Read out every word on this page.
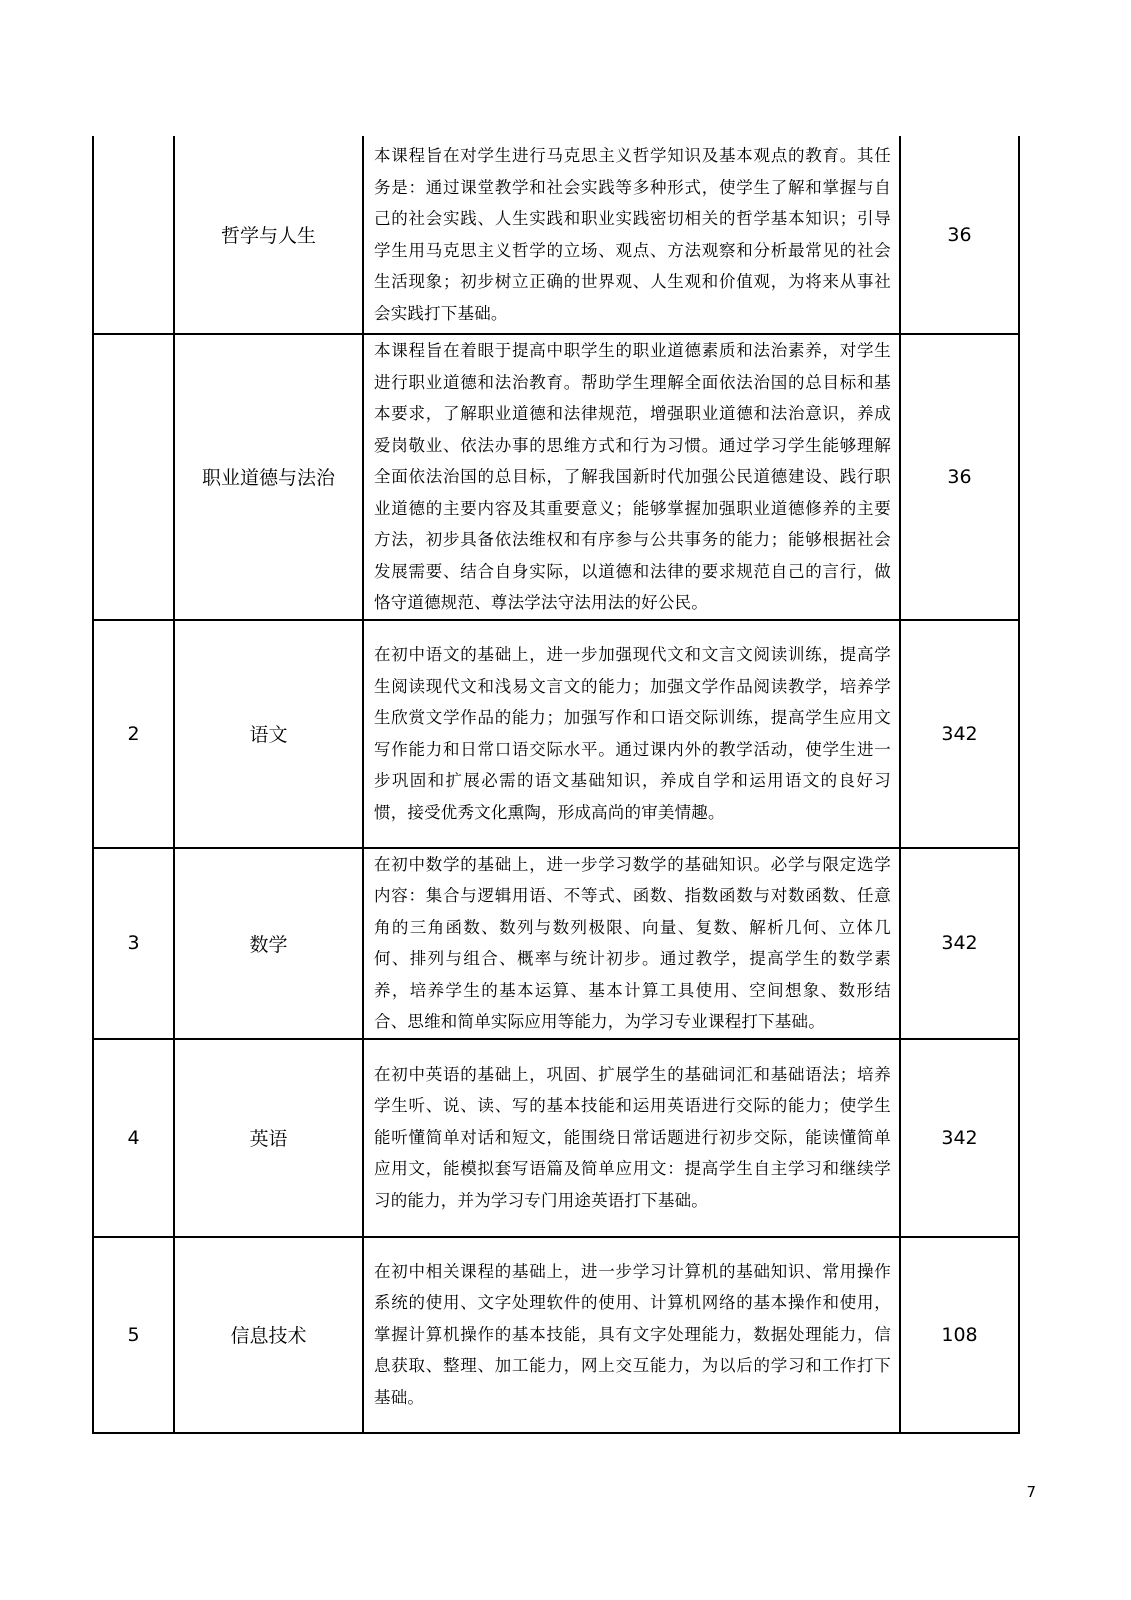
	哲学与人生	本课程旨在对学生进行马克思主义哲学知识及基本观点的教育。其任务是：通过课堂教学和社会实践等多种形式，使学生了解和掌握与自己的社会实践、人生实践和职业实践密切相关的哲学基本知识；引导学生用马克思主义哲学的立场、观点、方法观察和分析最常见的社会生活现象；初步树立正确的世界观、人生观和价值观，为将来从事社会实践打下基础。	36
	职业道德与法治	本课程旨在着眼于提高中职学生的职业道德素质和法治素养，对学生进行职业道德和法治教育。帮助学生理解全面依法治国的总目标和基本要求，了解职业道德和法律规范，增强职业道德和法治意识，养成爱岗敬业、依法办事的思维方式和行为习惯。通过学习学生能够理解全面依法治国的总目标，了解我国新时代加强公民道德建设、践行职业道德的主要内容及其重要意义；能够掌握加强职业道德修养的主要方法，初步具备依法维权和有序参与公共事务的能力；能够根据社会发展需要、结合自身实际，以道德和法律的要求规范自己的言行，做恪守道德规范、尊法学法守法用法的好公民。	36
2	语文	在初中语文的基础上，进一步加强现代文和文言文阅读训练，提高学生阅读现代文和浅易文言文的能力；加强文学作品阅读教学，培养学生欣赏文学作品的能力；加强写作和口语交际训练，提高学生应用文写作能力和日常口语交际水平。通过课内外的教学活动，使学生进一步巩固和扩展必需的语文基础知识，养成自学和运用语文的良好习惯，接受优秀文化熏陶，形成高尚的审美情趣。	342
3	数学	在初中数学的基础上，进一步学习数学的基础知识。必学与限定选学内容：集合与逻辑用语、不等式、函数、指数函数与对数函数、任意角的三角函数、数列与数列极限、向量、复数、解析几何、立体几何、排列与组合、概率与统计初步。通过教学，提高学生的数学素养，培养学生的基本运算、基本计算工具使用、空间想象、数形结合、思维和简单实际应用等能力，为学习专业课程打下基础。	342
4	英语	在初中英语的基础上，巩固、扩展学生的基础词汇和基础语法；培养学生听、说、读、写的基本技能和运用英语进行交际的能力；使学生能听懂简单对话和短文，能围绕日常话题进行初步交际，能读懂简单应用文，能模拟套写语篇及简单应用文：提高学生自主学习和继续学习的能力，并为学习专门用途英语打下基础。	342
5	信息技术	在初中相关课程的基础上，进一步学习计算机的基础知识、常用操作系统的使用、文字处理软件的使用、计算机网络的基本操作和使用，掌握计算机操作的基本技能，具有文字处理能力，数据处理能力，信息获取、整理、加工能力，网上交互能力，为以后的学习和工作打下基础。	108
7
